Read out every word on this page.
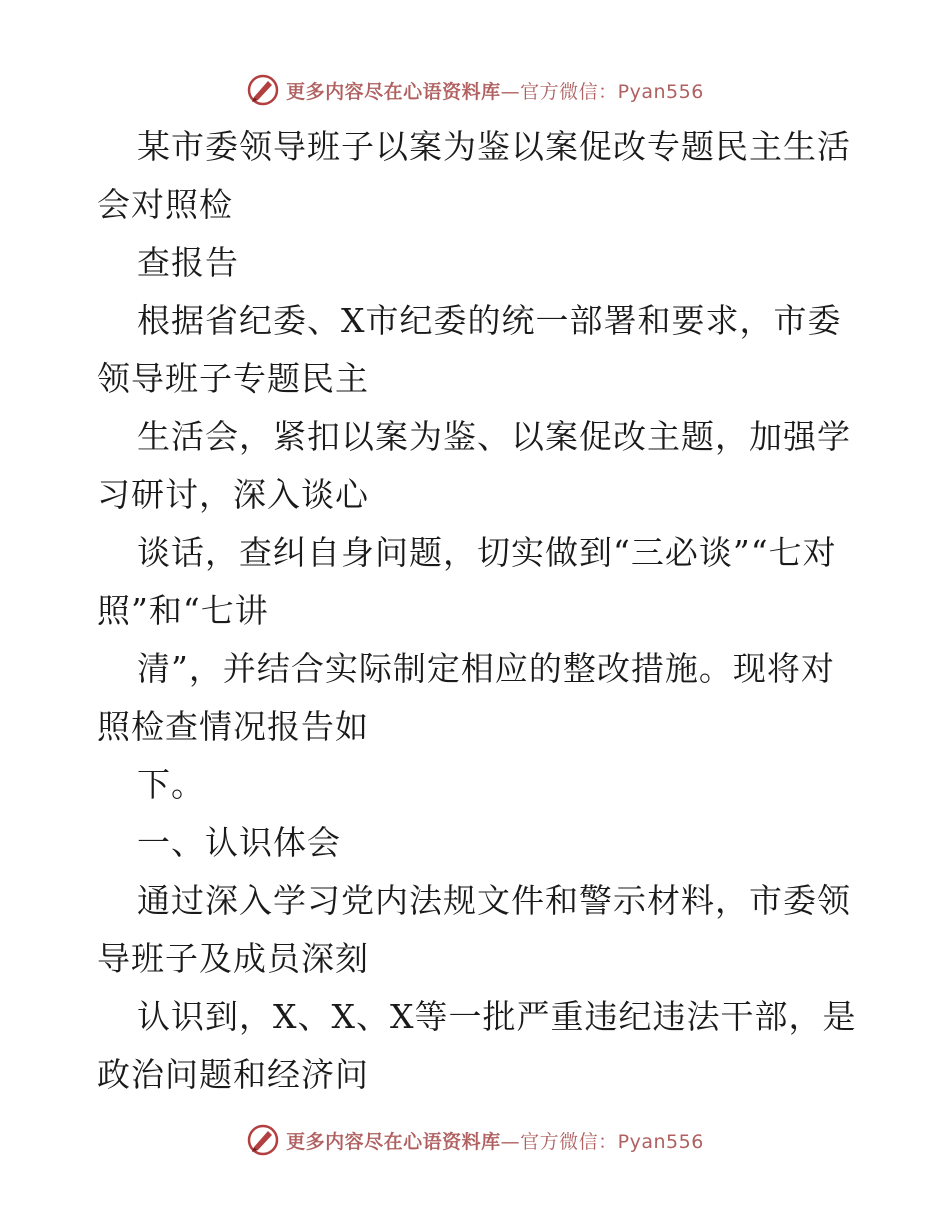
更多内容尽在心语资料库—官方微信：Pyan556

某市委领导班子以案为鉴以案促改专题民主生活会对照检

查报告

根据省纪委、X市纪委的统一部署和要求，市委领导班子专题民主

生活会，紧扣以案为鉴、以案促改主题，加强学习研讨，深入谈心

谈话，查纠自身问题，切实做到“三必谈”“七对照”和“七讲

清”，并结合实际制定相应的整改措施。现将对照检查情况报告如

下。

一、认识体会

通过深入学习党内法规文件和警示材料，市委领导班子及成员深刻

认识到，X、X、X等一批严重违纪违法干部，是政治问题和经济问

更多内容尽在心语资料库—官方微信：Pyan556
